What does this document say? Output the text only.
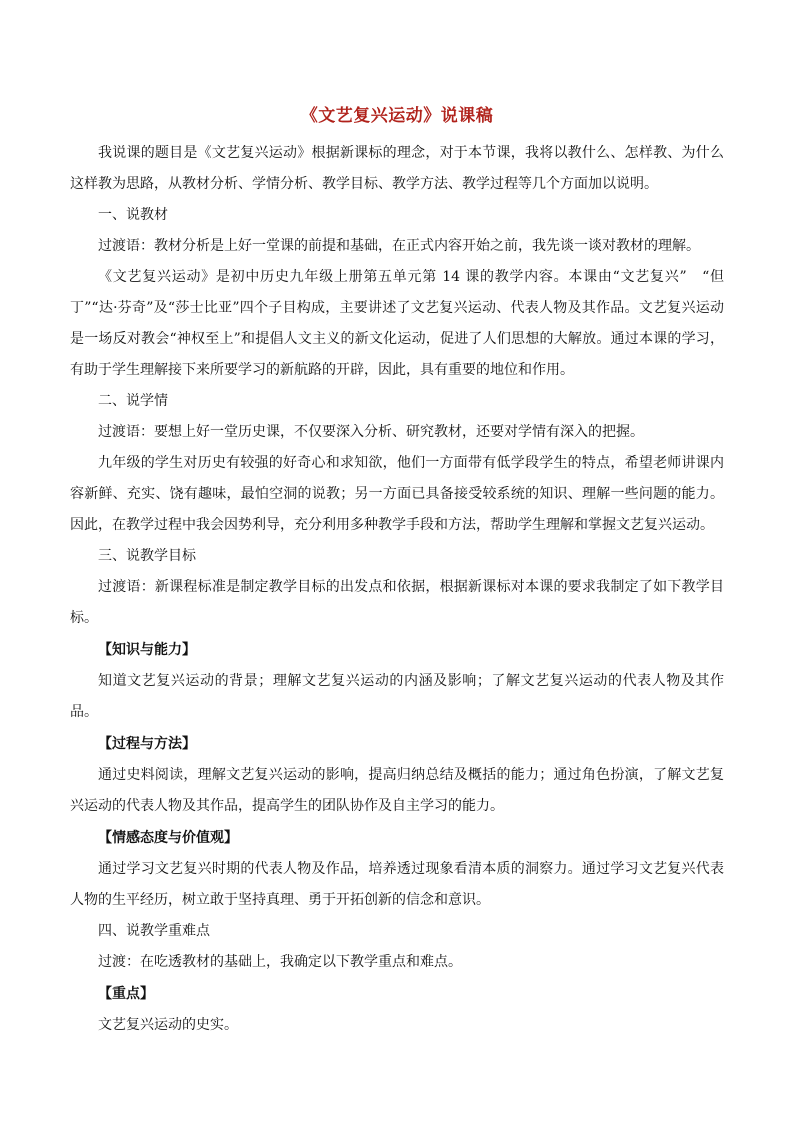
《文艺复兴运动》说课稿

我说课的题目是《文艺复兴运动》根据新课标的理念，对于本节课，我将以教什么、怎样教、为什么这样教为思路，从教材分析、学情分析、教学目标、教学方法、教学过程等几个方面加以说明。

一、说教材

过渡语：教材分析是上好一堂课的前提和基础，在正式内容开始之前，我先谈一谈对教材的理解。

《文艺复兴运动》是初中历史九年级上册第五单元第 14 课的教学内容。本课由“文艺复兴”　“但丁”“达·芬奇”及“莎士比亚”四个子目构成，主要讲述了文艺复兴运动、代表人物及其作品。文艺复兴运动是一场反对教会“神权至上”和提倡人文主义的新文化运动，促进了人们思想的大解放。通过本课的学习，有助于学生理解接下来所要学习的新航路的开辟，因此，具有重要的地位和作用。

二、说学情

过渡语：要想上好一堂历史课，不仅要深入分析、研究教材，还要对学情有深入的把握。

九年级的学生对历史有较强的好奇心和求知欲，他们一方面带有低学段学生的特点，希望老师讲课内容新鲜、充实、饶有趣味，最怕空洞的说教；另一方面已具备接受较系统的知识、理解一些问题的能力。因此，在教学过程中我会因势利导，充分利用多种教学手段和方法，帮助学生理解和掌握文艺复兴运动。

三、说教学目标

过渡语：新课程标准是制定教学目标的出发点和依据，根据新课标对本课的要求我制定了如下教学目标。

【知识与能力】

知道文艺复兴运动的背景；理解文艺复兴运动的内涵及影响；了解文艺复兴运动的代表人物及其作品。

【过程与方法】

通过史料阅读，理解文艺复兴运动的影响，提高归纳总结及概括的能力；通过角色扮演，了解文艺复兴运动的代表人物及其作品，提高学生的团队协作及自主学习的能力。

【情感态度与价值观】

通过学习文艺复兴时期的代表人物及作品，培养透过现象看清本质的洞察力。通过学习文艺复兴代表人物的生平经历，树立敢于坚持真理、勇于开拓创新的信念和意识。

四、说教学重难点

过渡：在吃透教材的基础上，我确定以下教学重点和难点。

【重点】

文艺复兴运动的史实。
